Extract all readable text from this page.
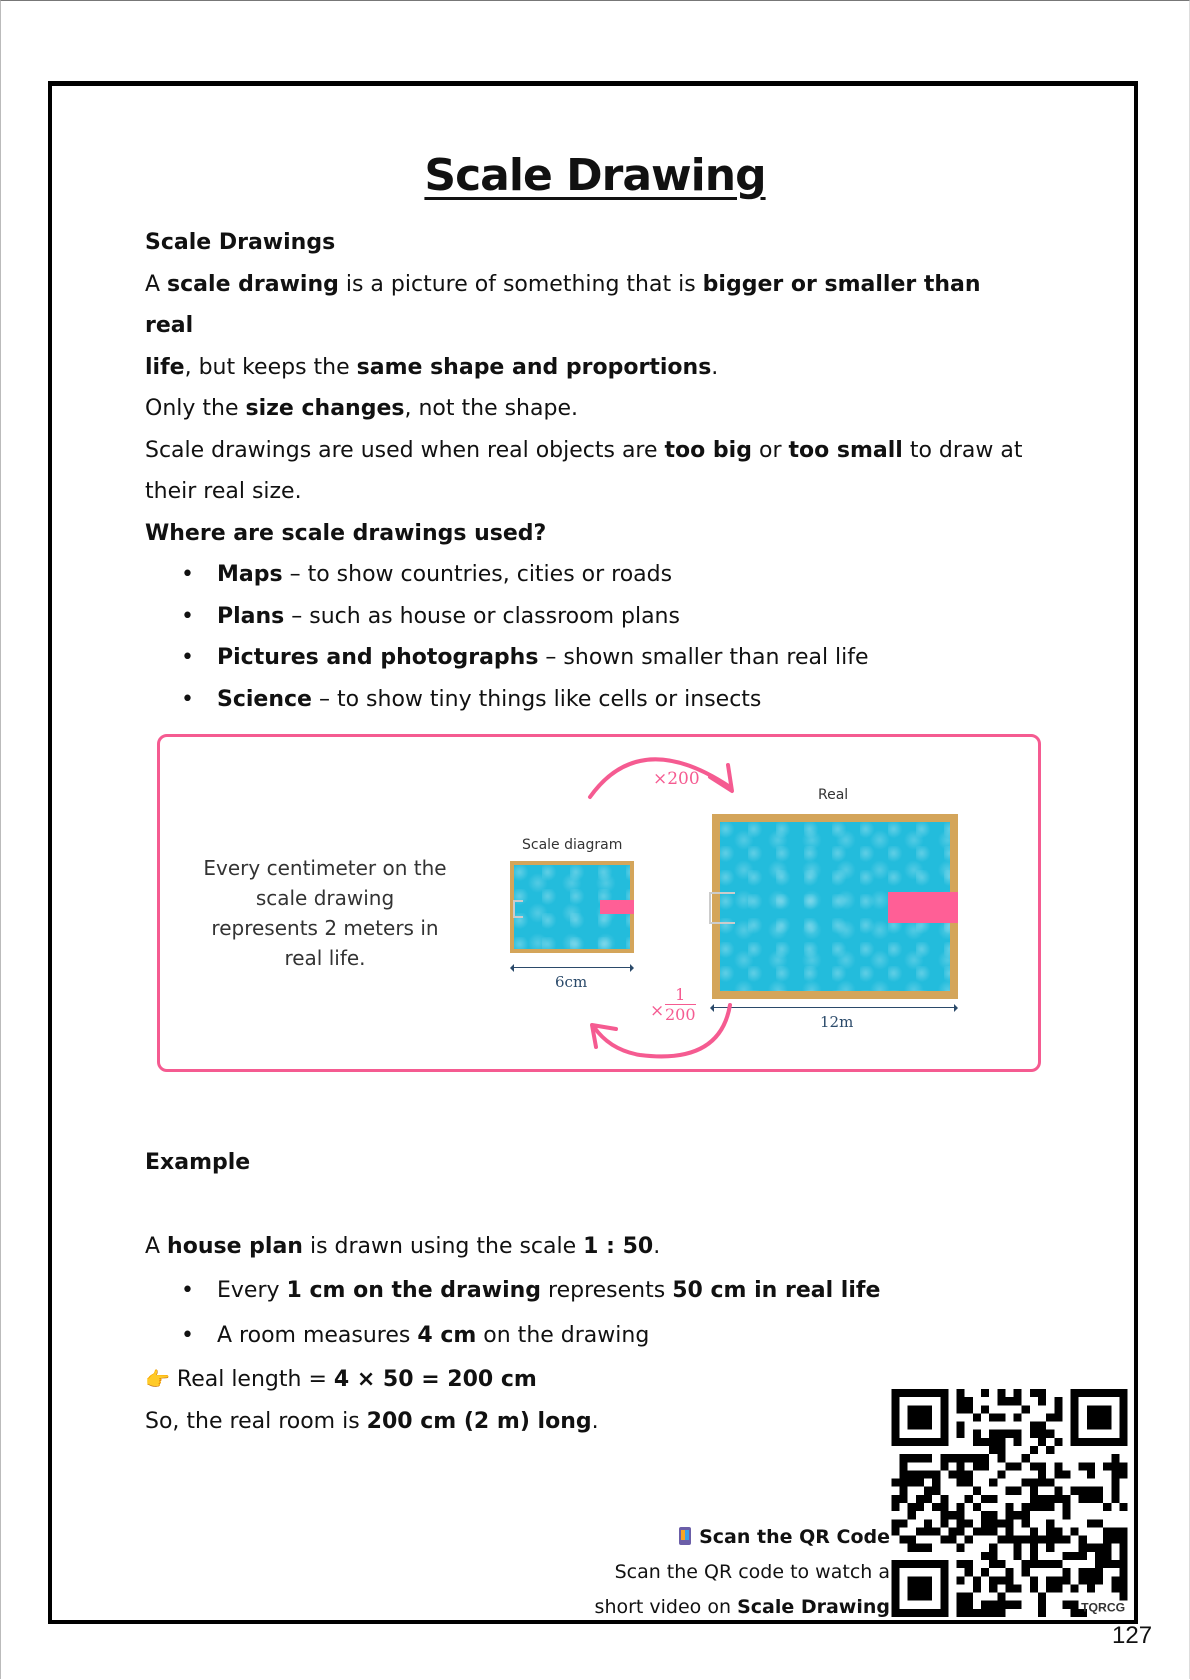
Scale Drawing

Scale Drawings

A scale drawing is a picture of something that is bigger or smaller than real

life, but keeps the same shape and proportions.

Only the size changes, not the shape.

Scale drawings are used when real objects are too big or too small to draw at

their real size.

Where are scale drawings used?

• Maps – to show countries, cities or roads
• Plans – such as house or classroom plans
• Pictures and photographs – shown smaller than real life
• Science – to show tiny things like cells or insects
Every centimeter on the scale drawing represents 2 meters in real life.
Scale diagram
6cm
Real
12m
×200
× $\frac{1}{200}$

Example

A house plan is drawn using the scale 1 : 50.

• Every 1 cm on the drawing represents 50 cm in real life
• A room measures 4 cm on the drawing

👉 Real length = 4 × 50 = 200 cm

So, the real room is 200 cm (2 m) long.

Scan the QR Code
Scan the QR code to watch a
short video on Scale Drawing	TQRCG
127
